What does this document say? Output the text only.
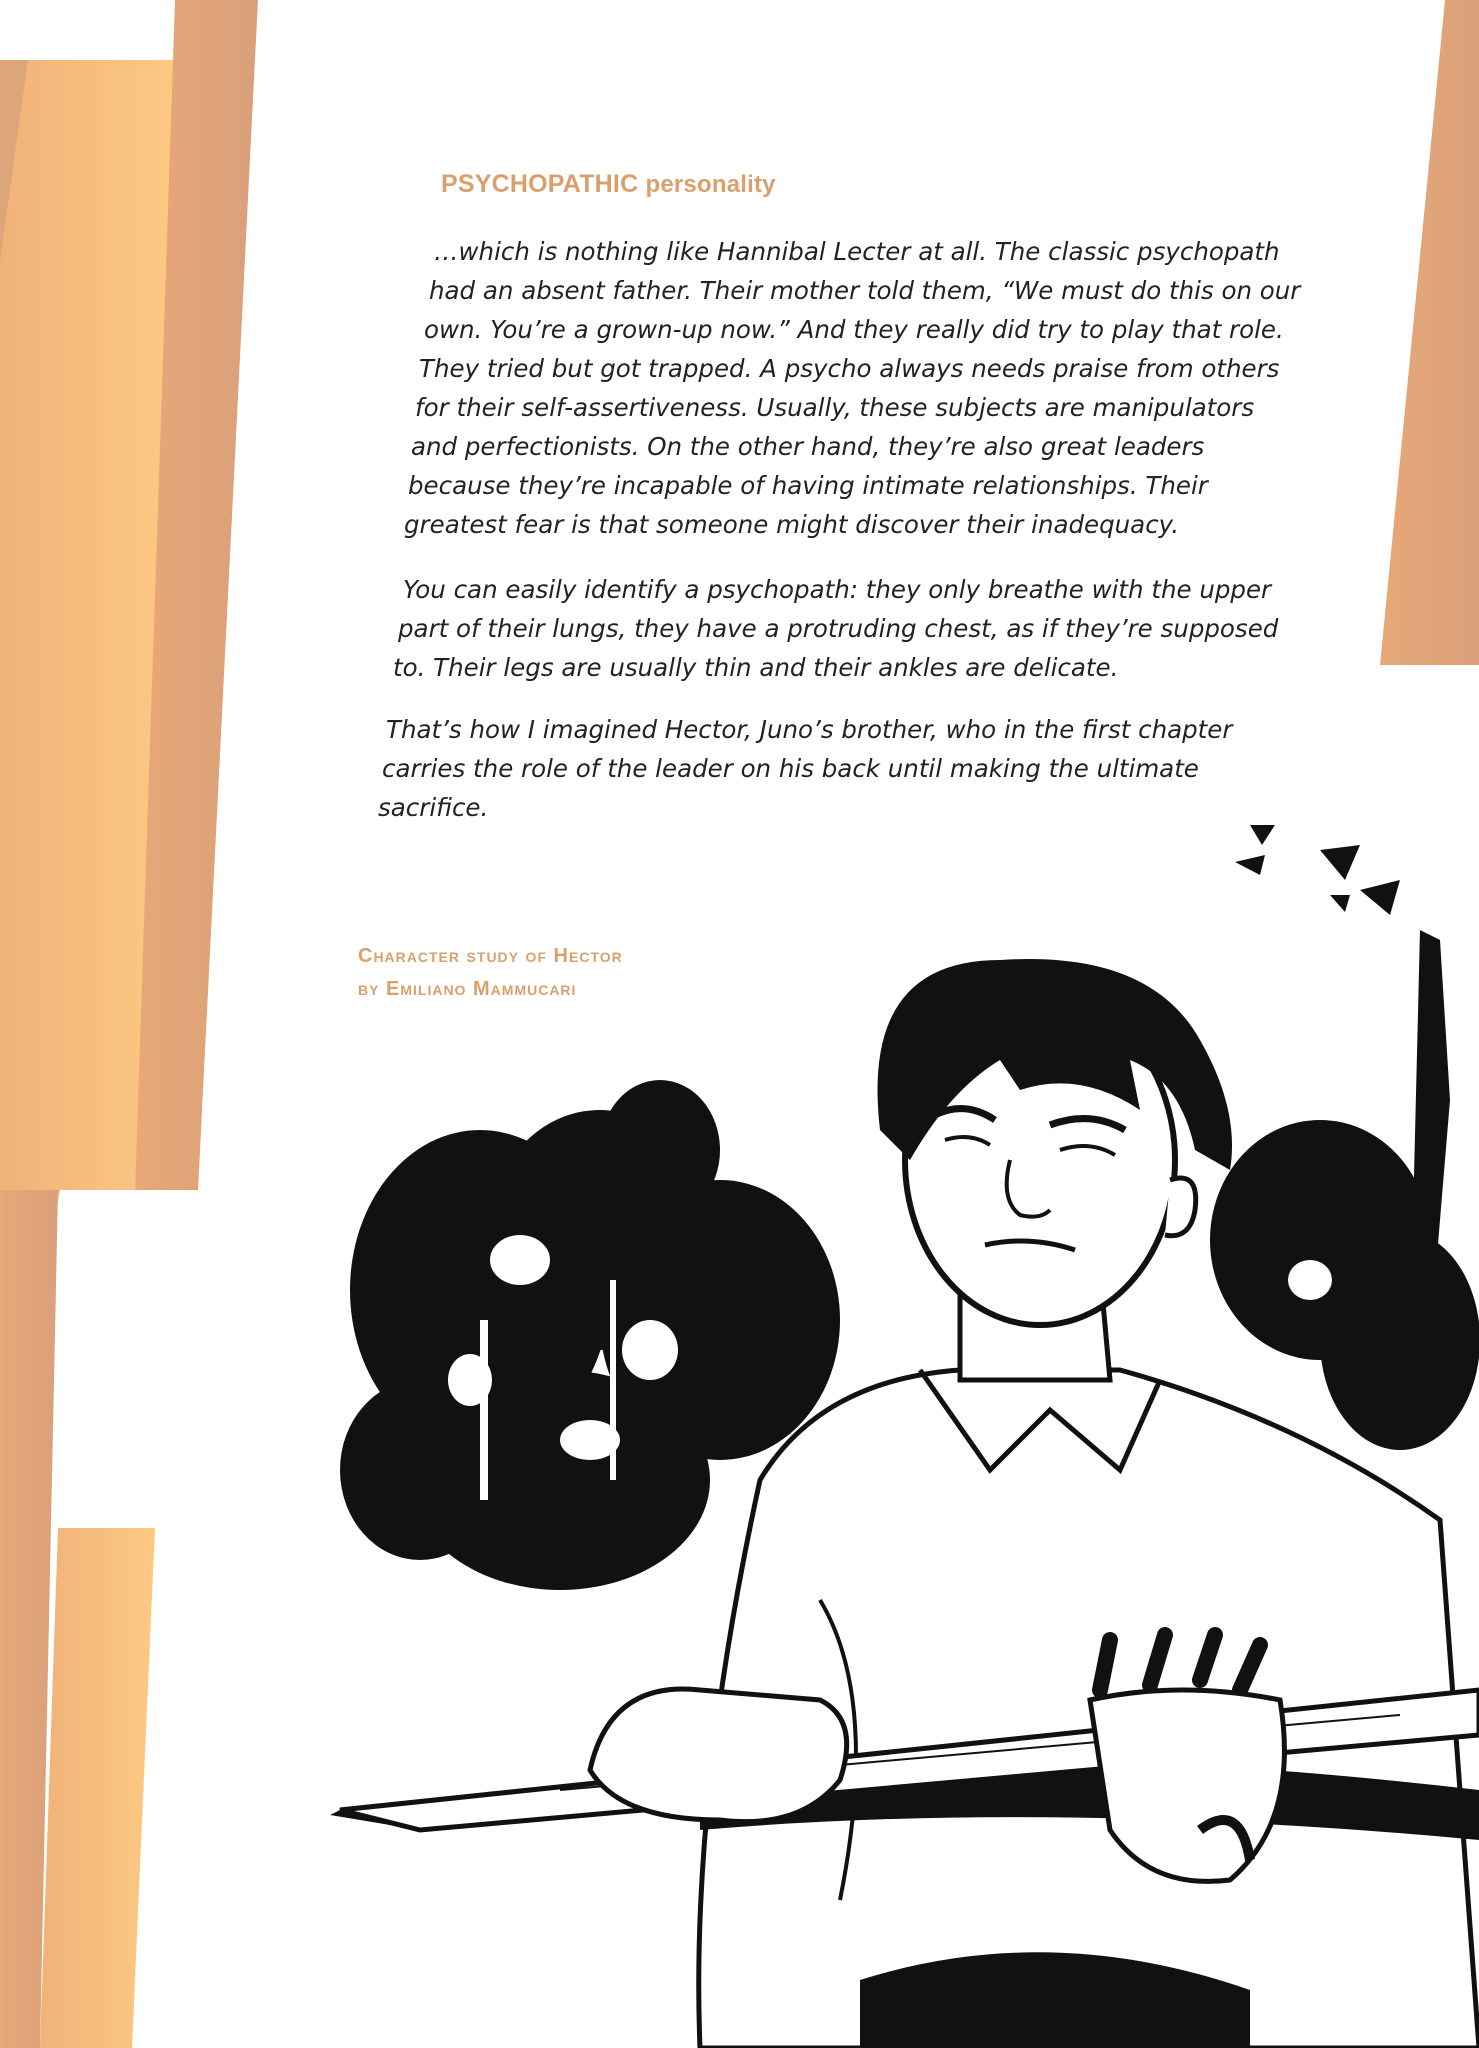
PSYCHOPATHIC personality
…which is nothing like Hannibal Lecter at all. The classic psychopath
had an absent father. Their mother told them, “We must do this on our
own. You’re a grown-up now.” And they really did try to play that role.
They tried but got trapped. A psycho always needs praise from others
for their self-assertiveness. Usually, these subjects are manipulators
and perfectionists. On the other hand, they’re also great leaders
because they’re incapable of having intimate relationships. Their
greatest fear is that someone might discover their inadequacy.
You can easily identify a psychopath: they only breathe with the upper
part of their lungs, they have a protruding chest, as if they’re supposed
to. Their legs are usually thin and their ankles are delicate.
That’s how I imagined Hector, Juno’s brother, who in the first chapter
carries the role of the leader on his back until making the ultimate
sacrifice.
Character study of Hector
by Emiliano Mammucari
